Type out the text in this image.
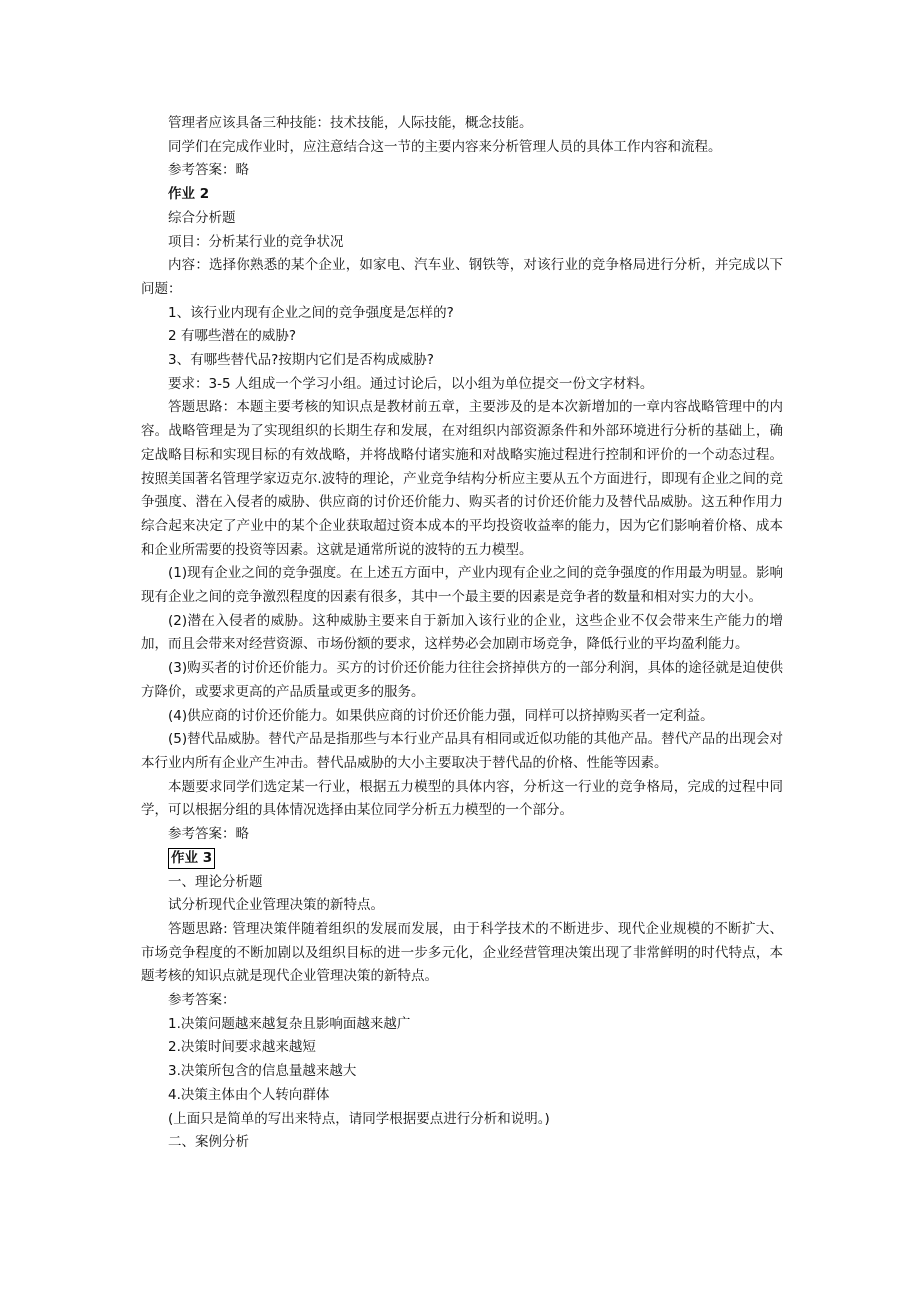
管理者应该具备三种技能：技术技能，人际技能，概念技能。

同学们在完成作业时，应注意结合这一节的主要内容来分析管理人员的具体工作内容和流程。

参考答案：略

作业 2

综合分析题

项目：分析某行业的竞争状况

内容：选择你熟悉的某个企业，如家电、汽车业、钢铁等，对该行业的竞争格局进行分析，并完成以下问题：

1、该行业内现有企业之间的竞争强度是怎样的?

2 有哪些潜在的威胁?

3、有哪些替代品?按期内它们是否构成威胁?

要求：3-5 人组成一个学习小组。通过讨论后，以小组为单位提交一份文字材料。

答题思路：本题主要考核的知识点是教材前五章，主要涉及的是本次新增加的一章内容战略管理中的内容。战略管理是为了实现组织的长期生存和发展，在对组织内部资源条件和外部环境进行分析的基础上，确定战略目标和实现目标的有效战略，并将战略付诸实施和对战略实施过程进行控制和评价的一个动态过程。按照美国著名管理学家迈克尔.波特的理论，产业竞争结构分析应主要从五个方面进行，即现有企业之间的竞争强度、潜在入侵者的威胁、供应商的讨价还价能力、购买者的讨价还价能力及替代品威胁。这五种作用力综合起来决定了产业中的某个企业获取超过资本成本的平均投资收益率的能力，因为它们影响着价格、成本和企业所需要的投资等因素。这就是通常所说的波特的五力模型。

(1)现有企业之间的竞争强度。在上述五方面中，产业内现有企业之间的竞争强度的作用最为明显。影响现有企业之间的竞争激烈程度的因素有很多，其中一个最主要的因素是竞争者的数量和相对实力的大小。

(2)潜在入侵者的威胁。这种威胁主要来自于新加入该行业的企业，这些企业不仅会带来生产能力的增加，而且会带来对经营资源、市场份额的要求，这样势必会加剧市场竞争，降低行业的平均盈利能力。

(3)购买者的讨价还价能力。买方的讨价还价能力往往会挤掉供方的一部分利润，具体的途径就是迫使供方降价，或要求更高的产品质量或更多的服务。

(4)供应商的讨价还价能力。如果供应商的讨价还价能力强，同样可以挤掉购买者一定利益。

(5)替代品威胁。替代产品是指那些与本行业产品具有相同或近似功能的其他产品。替代产品的出现会对本行业内所有企业产生冲击。替代品威胁的大小主要取决于替代品的价格、性能等因素。

本题要求同学们选定某一行业，根据五力模型的具体内容，分析这一行业的竞争格局，完成的过程中同学，可以根据分组的具体情况选择由某位同学分析五力模型的一个部分。

参考答案：略

作业 3

一、理论分析题

试分析现代企业管理决策的新特点。

答题思路: 管理决策伴随着组织的发展而发展，由于科学技术的不断进步、现代企业规模的不断扩大、市场竞争程度的不断加剧以及组织目标的进一步多元化，企业经营管理决策出现了非常鲜明的时代特点，本题考核的知识点就是现代企业管理决策的新特点。

参考答案：

1.决策问题越来越复杂且影响面越来越广

2.决策时间要求越来越短

3.决策所包含的信息量越来越大

4.决策主体由个人转向群体

(上面只是简单的写出来特点，请同学根据要点进行分析和说明。)

二、案例分析
